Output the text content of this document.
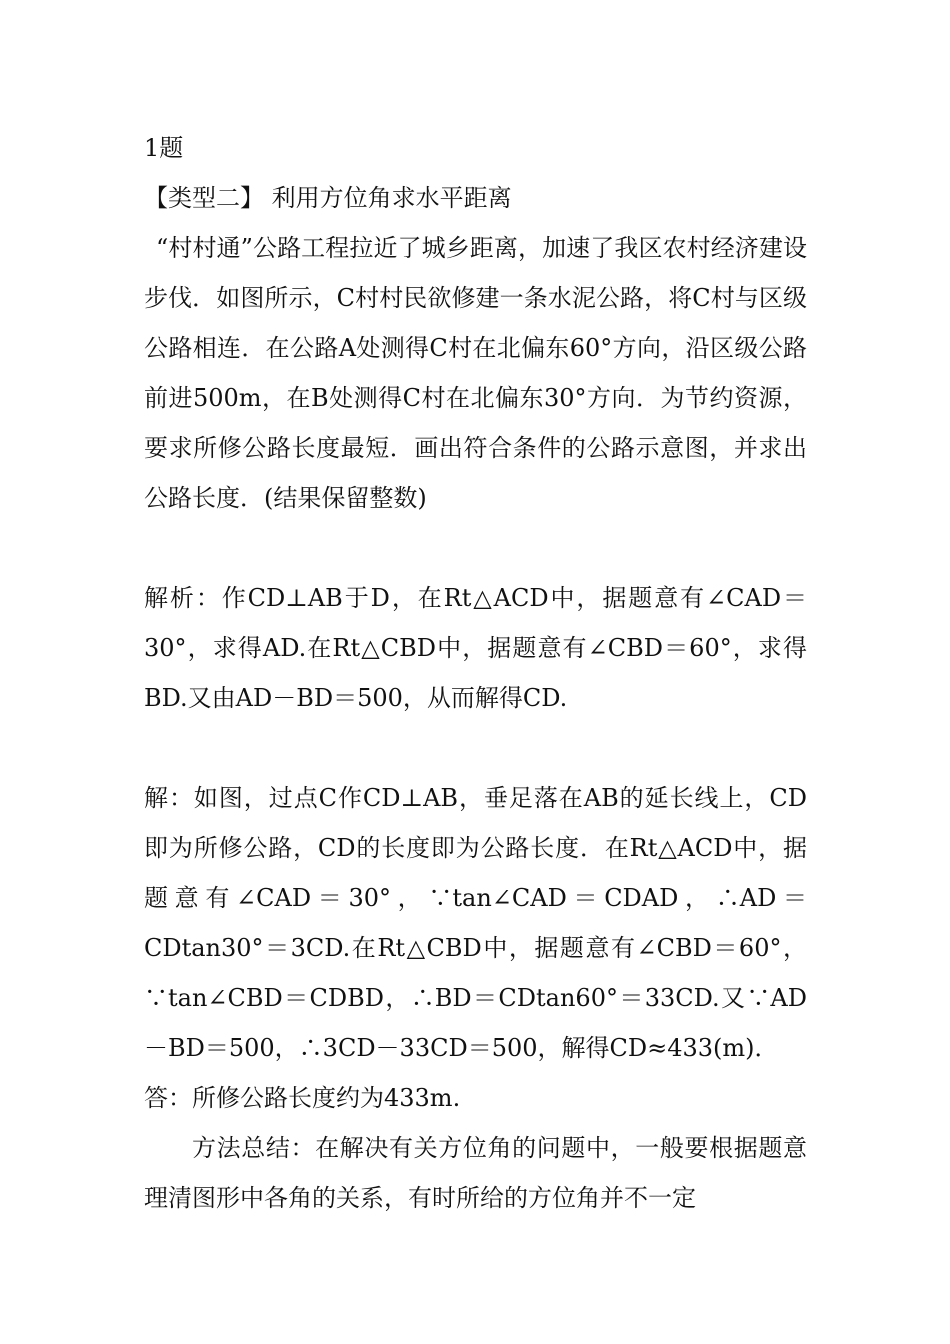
1题

【类型二】 利用方位角求水平距离

“村村通”公路工程拉近了城乡距离，加速了我区农村经济建设步伐．如图所示，C村村民欲修建一条水泥公路，将C村与区级公路相连．在公路A处测得C村在北偏东60°方向，沿区级公路前进500m，在B处测得C村在北偏东30°方向．为节约资源，要求所修公路长度最短．画出符合条件的公路示意图，并求出公路长度．(结果保留整数)

解析：作CD⊥AB于D，在Rt△ACD中，据题意有∠CAD＝30°，求得AD.在Rt△CBD中，据题意有∠CBD＝60°，求得BD.又由AD－BD＝500，从而解得CD.

解：如图，过点C作CD⊥AB，垂足落在AB的延长线上，CD即为所修公路，CD的长度即为公路长度．在Rt△ACD中，据题意有∠CAD＝30°，∵tan∠CAD＝CDAD，∴AD＝CDtan30°＝3CD.在Rt△CBD中，据题意有∠CBD＝60°，∵tan∠CBD＝CDBD，∴BD＝CDtan60°＝33CD.又∵AD－BD＝500，∴3CD－33CD＝500，解得CD≈433(m)．

答：所修公路长度约为433m.

方法总结：在解决有关方位角的问题中，一般要根据题意理清图形中各角的关系，有时所给的方位角并不一定
